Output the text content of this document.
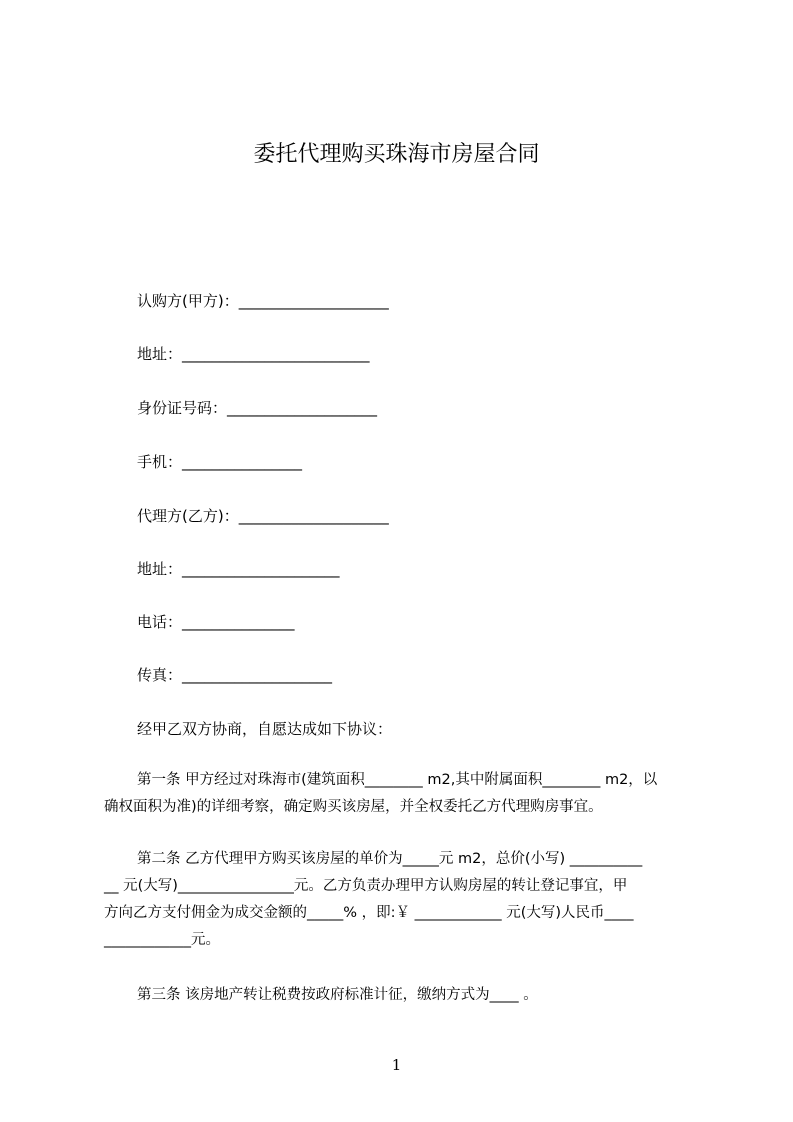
委托代理购买珠海市房屋合同
认购方(甲方)：____________________
地址：_________________________
身份证号码：____________________
手机：________________
代理方(乙方)：____________________
地址：_____________________
电话：_______________
传真：____________________
经甲乙双方协商，自愿达成如下协议：
第一条 甲方经过对珠海市(建筑面积________ m2,其中附属面积________ m2，以
确权面积为准)的详细考察，确定购买该房屋，并全权委托乙方代理购房事宜。
第二条 乙方代理甲方购买该房屋的单价为_____元 m2，总价(小写) __________
__ 元(大写)________________元。乙方负责办理甲方认购房屋的转让登记事宜，甲
方向乙方支付佣金为成交金额的_____% ，即:￥ ____________ 元(大写)人民币____
____________元。
第三条 该房地产转让税费按政府标准计征，缴纳方式为____ 。
1
